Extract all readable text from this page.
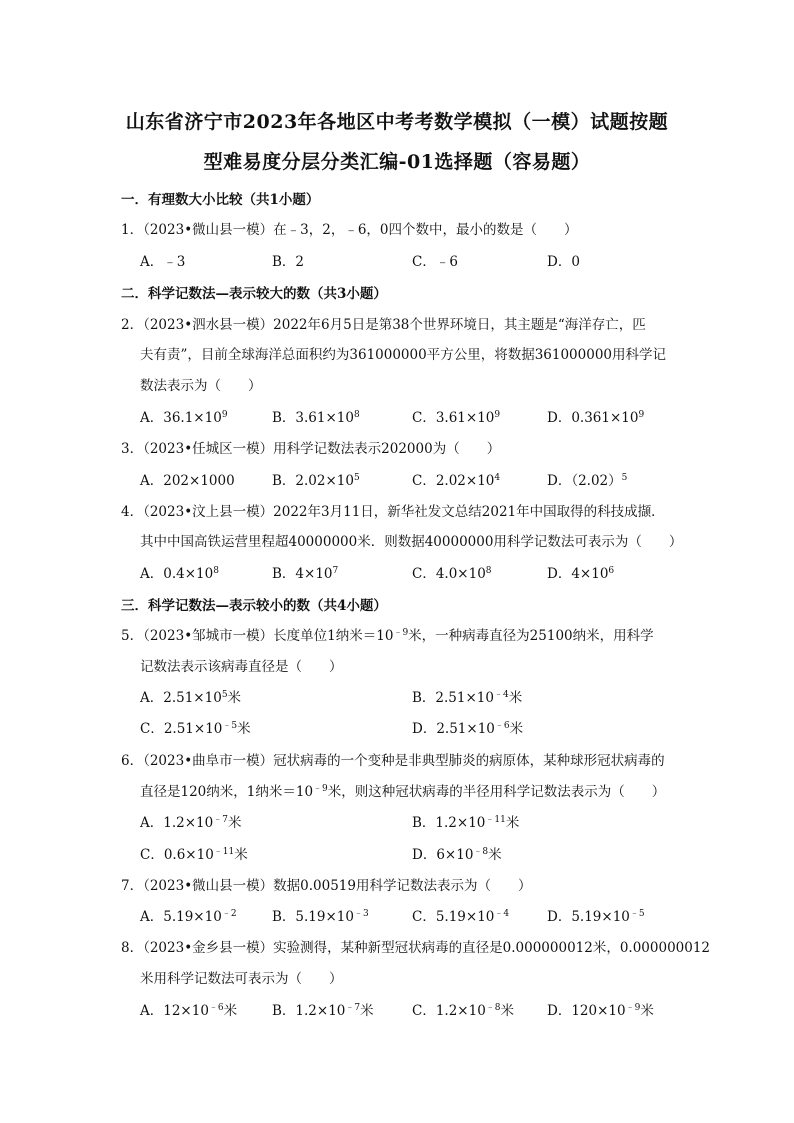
山东省济宁市2023年各地区中考考数学模拟（一模）试题按题
型难易度分层分类汇编-01选择题（容易题）
一．有理数大小比较（共1小题）
1．（2023•微山县一模）在﹣3，2，﹣6，0四个数中，最小的数是（　　）
A．﹣3	B．2	C．﹣6	D．0
二．科学记数法—表示较大的数（共3小题）
2．（2023•泗水县一模）2022年6月5日是第38个世界环境日，其主题是“海洋存亡，匹
夫有责”，目前全球海洋总面积约为361000000平方公里，将数据361000000用科学记
数法表示为（　　）
A．$36.1\times 10^9$	B．$3.61\times 10^8$	C．$3.61\times 10^9$	D．$0.361\times 10^9$
3．（2023•任城区一模）用科学记数法表示202000为（　　）
A．202×1000	B．$2.02\times 10^5$	C．$2.02\times 10^4$	D．$(2.02)^5$
4．（2023•汶上县一模）2022年3月11日，新华社发文总结2021年中国取得的科技成撷．
其中中国高铁运营里程超40000000米．则数据40000000用科学记数法可表示为（　　）
A．$0.4\times 10^8$	B．$4\times 10^7$	C．$4.0\times 10^8$	D．$4\times 10^6$
三．科学记数法—表示较小的数（共4小题）
5．（2023•邹城市一模）长度单位1纳米$=10^{﹣9}$米，一种病毒直径为25100纳米，用科学
记数法表示该病毒直径是（　　）
A．$2.51\times 10^5$米	B．$2.51\times 10^{﹣4}$米
C．$2.51\times 10^{﹣5}$米	D．$2.51\times 10^{﹣6}$米
6．（2023•曲阜市一模）冠状病毒的一个变种是非典型肺炎的病原体，某种球形冠状病毒的
直径是120纳米，1纳米$=10^{﹣9}$米，则这种冠状病毒的半径用科学记数法表示为（　　）
A．$1.2\times 10^{﹣7}$米	B．$1.2\times 10^{﹣11}$米
C．$0.6\times 10^{﹣11}$米	D．$6\times 10^{﹣8}$米
7．（2023•微山县一模）数据0.00519用科学记数法表示为（　　）
A．$5.19\times 10^{﹣2}$	B．$5.19\times 10^{﹣3}$	C．$5.19\times 10^{﹣4}$	D．$5.19\times 10^{﹣5}$
8．（2023•金乡县一模）实验测得，某种新型冠状病毒的直径是0.000000012米，0.000000012
米用科学记数法可表示为（　　）
A．$12\times 10^{﹣6}$米	B．$1.2\times 10^{﹣7}$米	C．$1.2\times 10^{﹣8}$米 D．$120\times 10^{﹣9}$米
